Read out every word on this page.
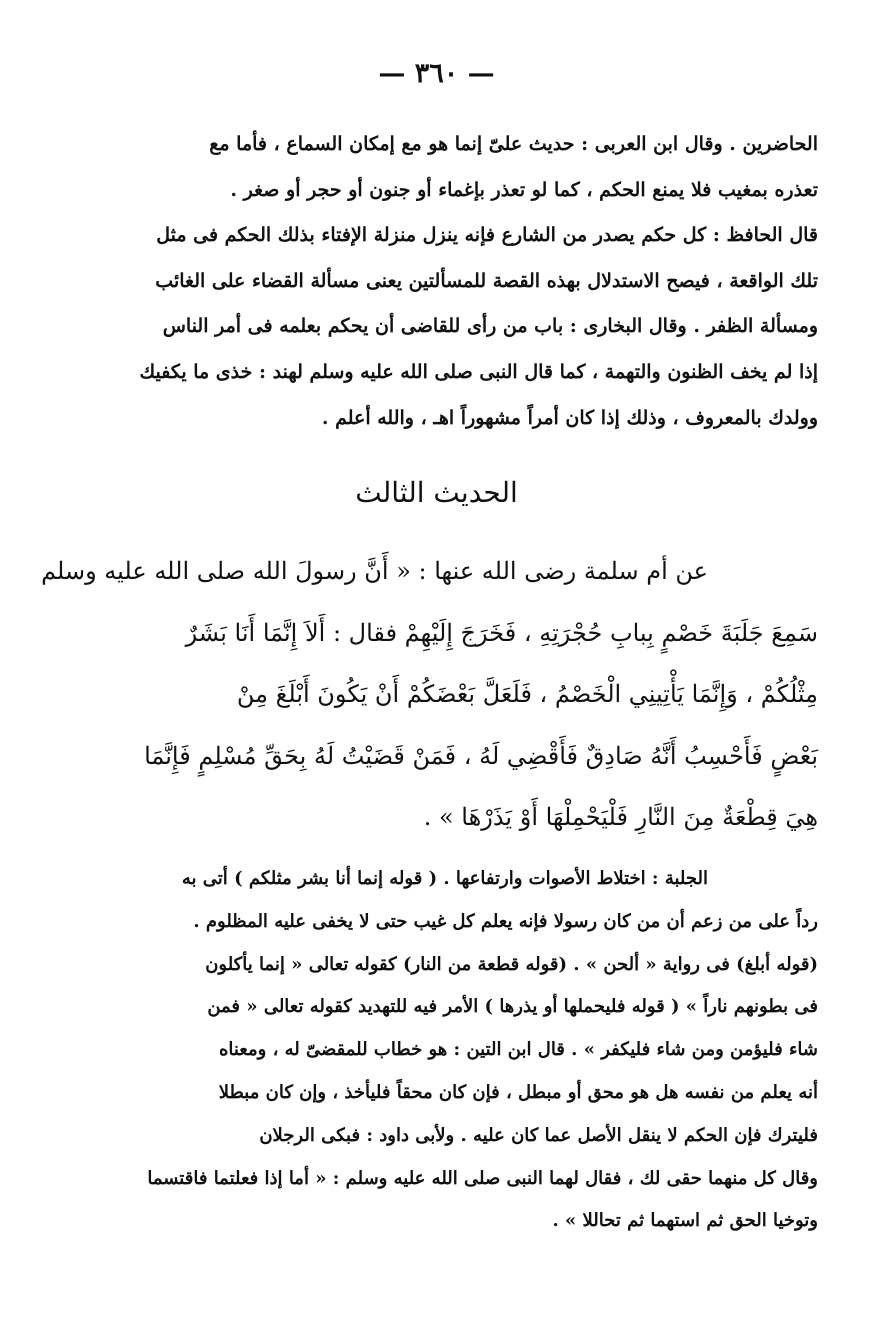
— ٣٦٠ —
الحاضرين . وقال ابن العربى : حديث علىّ إنما هو مع إمكان السماع ، فأما مع
تعذره بمغيب فلا يمنع الحكم ، كما لو تعذر بإغماء أو جنون أو حجر أو صغر .
قال الحافظ : كل حكم يصدر من الشارع فإنه ينزل منزلة الإفتاء بذلك الحكم فى مثل
تلك الواقعة ، فيصح الاستدلال بهذه القصة للمسألتين يعنى مسألة القضاء على الغائب
ومسألة الظفر . وقال البخارى : باب من رأى للقاضى أن يحكم بعلمه فى أمر الناس
إذا لم يخف الظنون والتهمة ، كما قال النبى صلى الله عليه وسلم لهند : خذى ما يكفيك
وولدك بالمعروف ، وذلك إذا كان أمراً مشهوراً اهـ ، والله أعلم .
الحديث الثالث
عن أم سلمة رضى الله عنها : « أَنَّ رسولَ الله صلى الله عليه وسلم
سَمِعَ جَلَبَةَ خَصْمٍ بِبابِ حُجْرَتِهِ ، فَخَرَجَ إِلَيْهِمْ فقال : أَلاَ إِنَّمَا أَنَا بَشَرٌ
مِثْلُكُمْ ، وَإِنَّمَا يَأْتِينِي الْخَصْمُ ، فَلَعَلَّ بَعْضَكُمْ أَنْ يَكُونَ أَبْلَغَ مِنْ
بَعْضٍ فَأَحْسِبُ أَنَّهُ صَادِقٌ فَأَقْضِي لَهُ ، فَمَنْ قَضَيْتُ لَهُ بِحَقِّ مُسْلِمٍ فَإِنَّمَا
هِيَ قِطْعَةٌ مِنَ النَّارِ فَلْيَحْمِلْهَا أَوْ يَذَرْهَا » .
الجلبة : اختلاط الأصوات وارتفاعها . ( قوله إنما أنا بشر مثلكم ) أتى به
رداً على من زعم أن من كان رسولا فإنه يعلم كل غيب حتى لا يخفى عليه المظلوم .
(قوله أبلغ) فى رواية « ألحن » . (قوله قطعة من النار) كقوله تعالى « إنما يأكلون
فى بطونهم ناراً » ( قوله فليحملها أو يذرها ) الأمر فيه للتهديد كقوله تعالى « فمن
شاء فليؤمن ومن شاء فليكفر » . قال ابن التين : هو خطاب للمقضىّ له ، ومعناه
أنه يعلم من نفسه هل هو محق أو مبطل ، فإن كان محقاً فليأخذ ، وإن كان مبطلا
فليترك فإن الحكم لا ينقل الأصل عما كان عليه . ولأبى داود : فبكى الرجلان
وقال كل منهما حقى لك ، فقال لهما النبى صلى الله عليه وسلم : « أما إذا فعلتما فاقتسما
وتوخيا الحق ثم استهما ثم تحاللا » .
